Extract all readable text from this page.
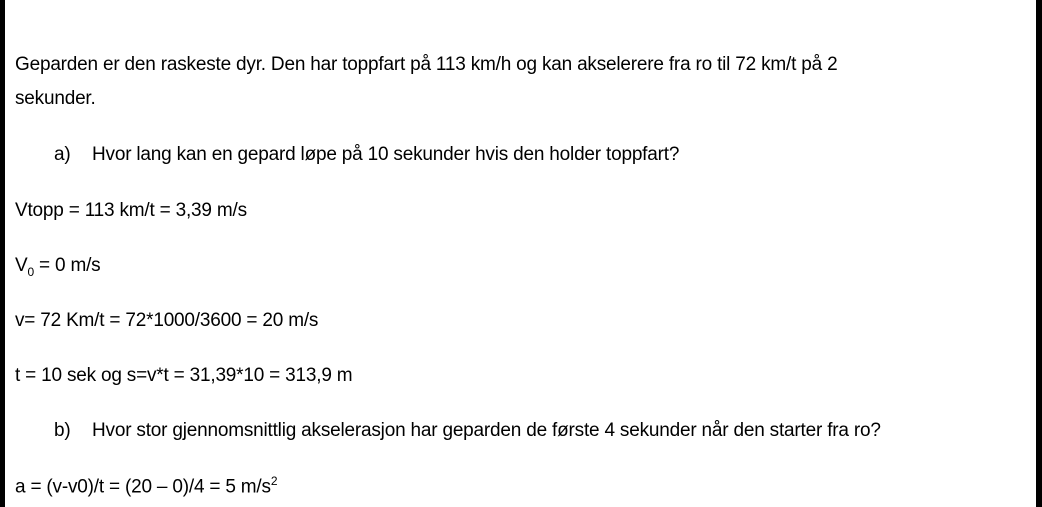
Geparden er den raskeste dyr. Den har toppfart på 113 km/h og kan akselerere fra ro til 72 km/t på 2
sekunder.
a) Hvor lang kan en gepard løpe på 10 sekunder hvis den holder toppfart?
Vtopp = 113 km/t = 3,39 m/s
$V_0 = 0$ m/s
v= 72 Km/t = 72*1000/3600 = 20 m/s
t = 10 sek og s=v*t = 31,39*10 = 313,9 m
b) Hvor stor gjennomsnittlig akselerasjon har geparden de første 4 sekunder når den starter fra ro?
a = (v-v0)/t = (20 – 0)/4 = 5 $m/s^2$
